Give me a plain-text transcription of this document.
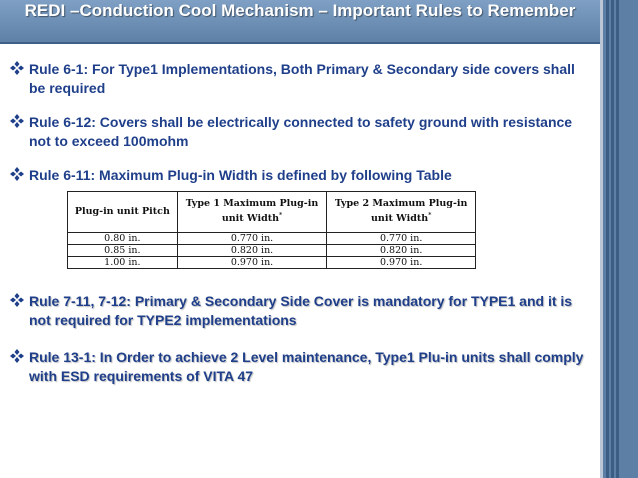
REDI –Conduction Cool Mechanism – Important Rules to Remember
Rule 6-1: For Type1 Implementations, Both Primary & Secondary side covers shall be required
Rule 6-12: Covers shall be electrically connected to safety ground with resistance not to exceed 100mohm
Rule 6-11: Maximum Plug-in Width is defined by following Table
Rule 7-11, 7-12: Primary & Secondary Side Cover is mandatory for TYPE1 and it is not required for TYPE2 implementations
Rule 13-1: In Order to achieve 2 Level maintenance, Type1 Plu-in units shall comply with ESD requirements of VITA 47
Plug-in unit Pitch	Type 1 Maximum Plug-in unit Width*	Type 2 Maximum Plug-in unit Width*
0.80 in.	0.770 in.	0.770 in.
0.85 in.	0.820 in.	0.820 in.
1.00 in.	0.970 in.	0.970 in.
